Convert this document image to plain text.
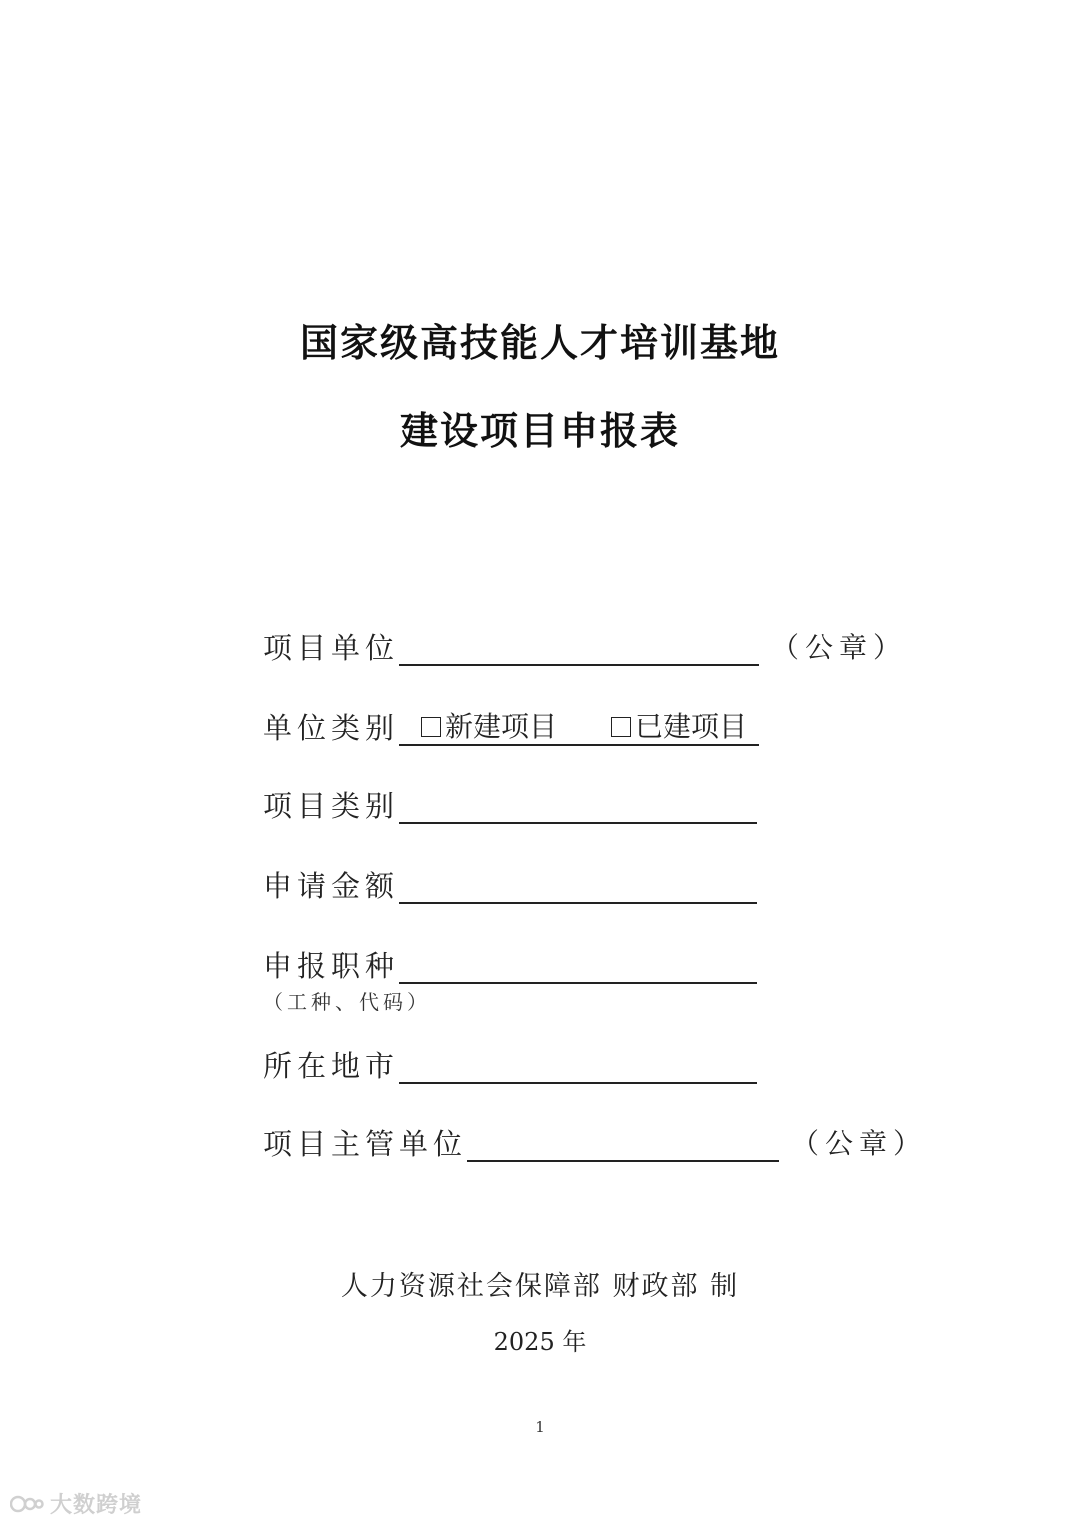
国家级高技能人才培训基地
建设项目申报表
项目单位	（公章）
单位类别 新建项目	已建项目
项目类别
申请金额
申报职种
（工种、代码）
所在地市
项目主管单位	（公章）
人力资源社会保障部 财政部 制
2025 年
1
大数跨境
